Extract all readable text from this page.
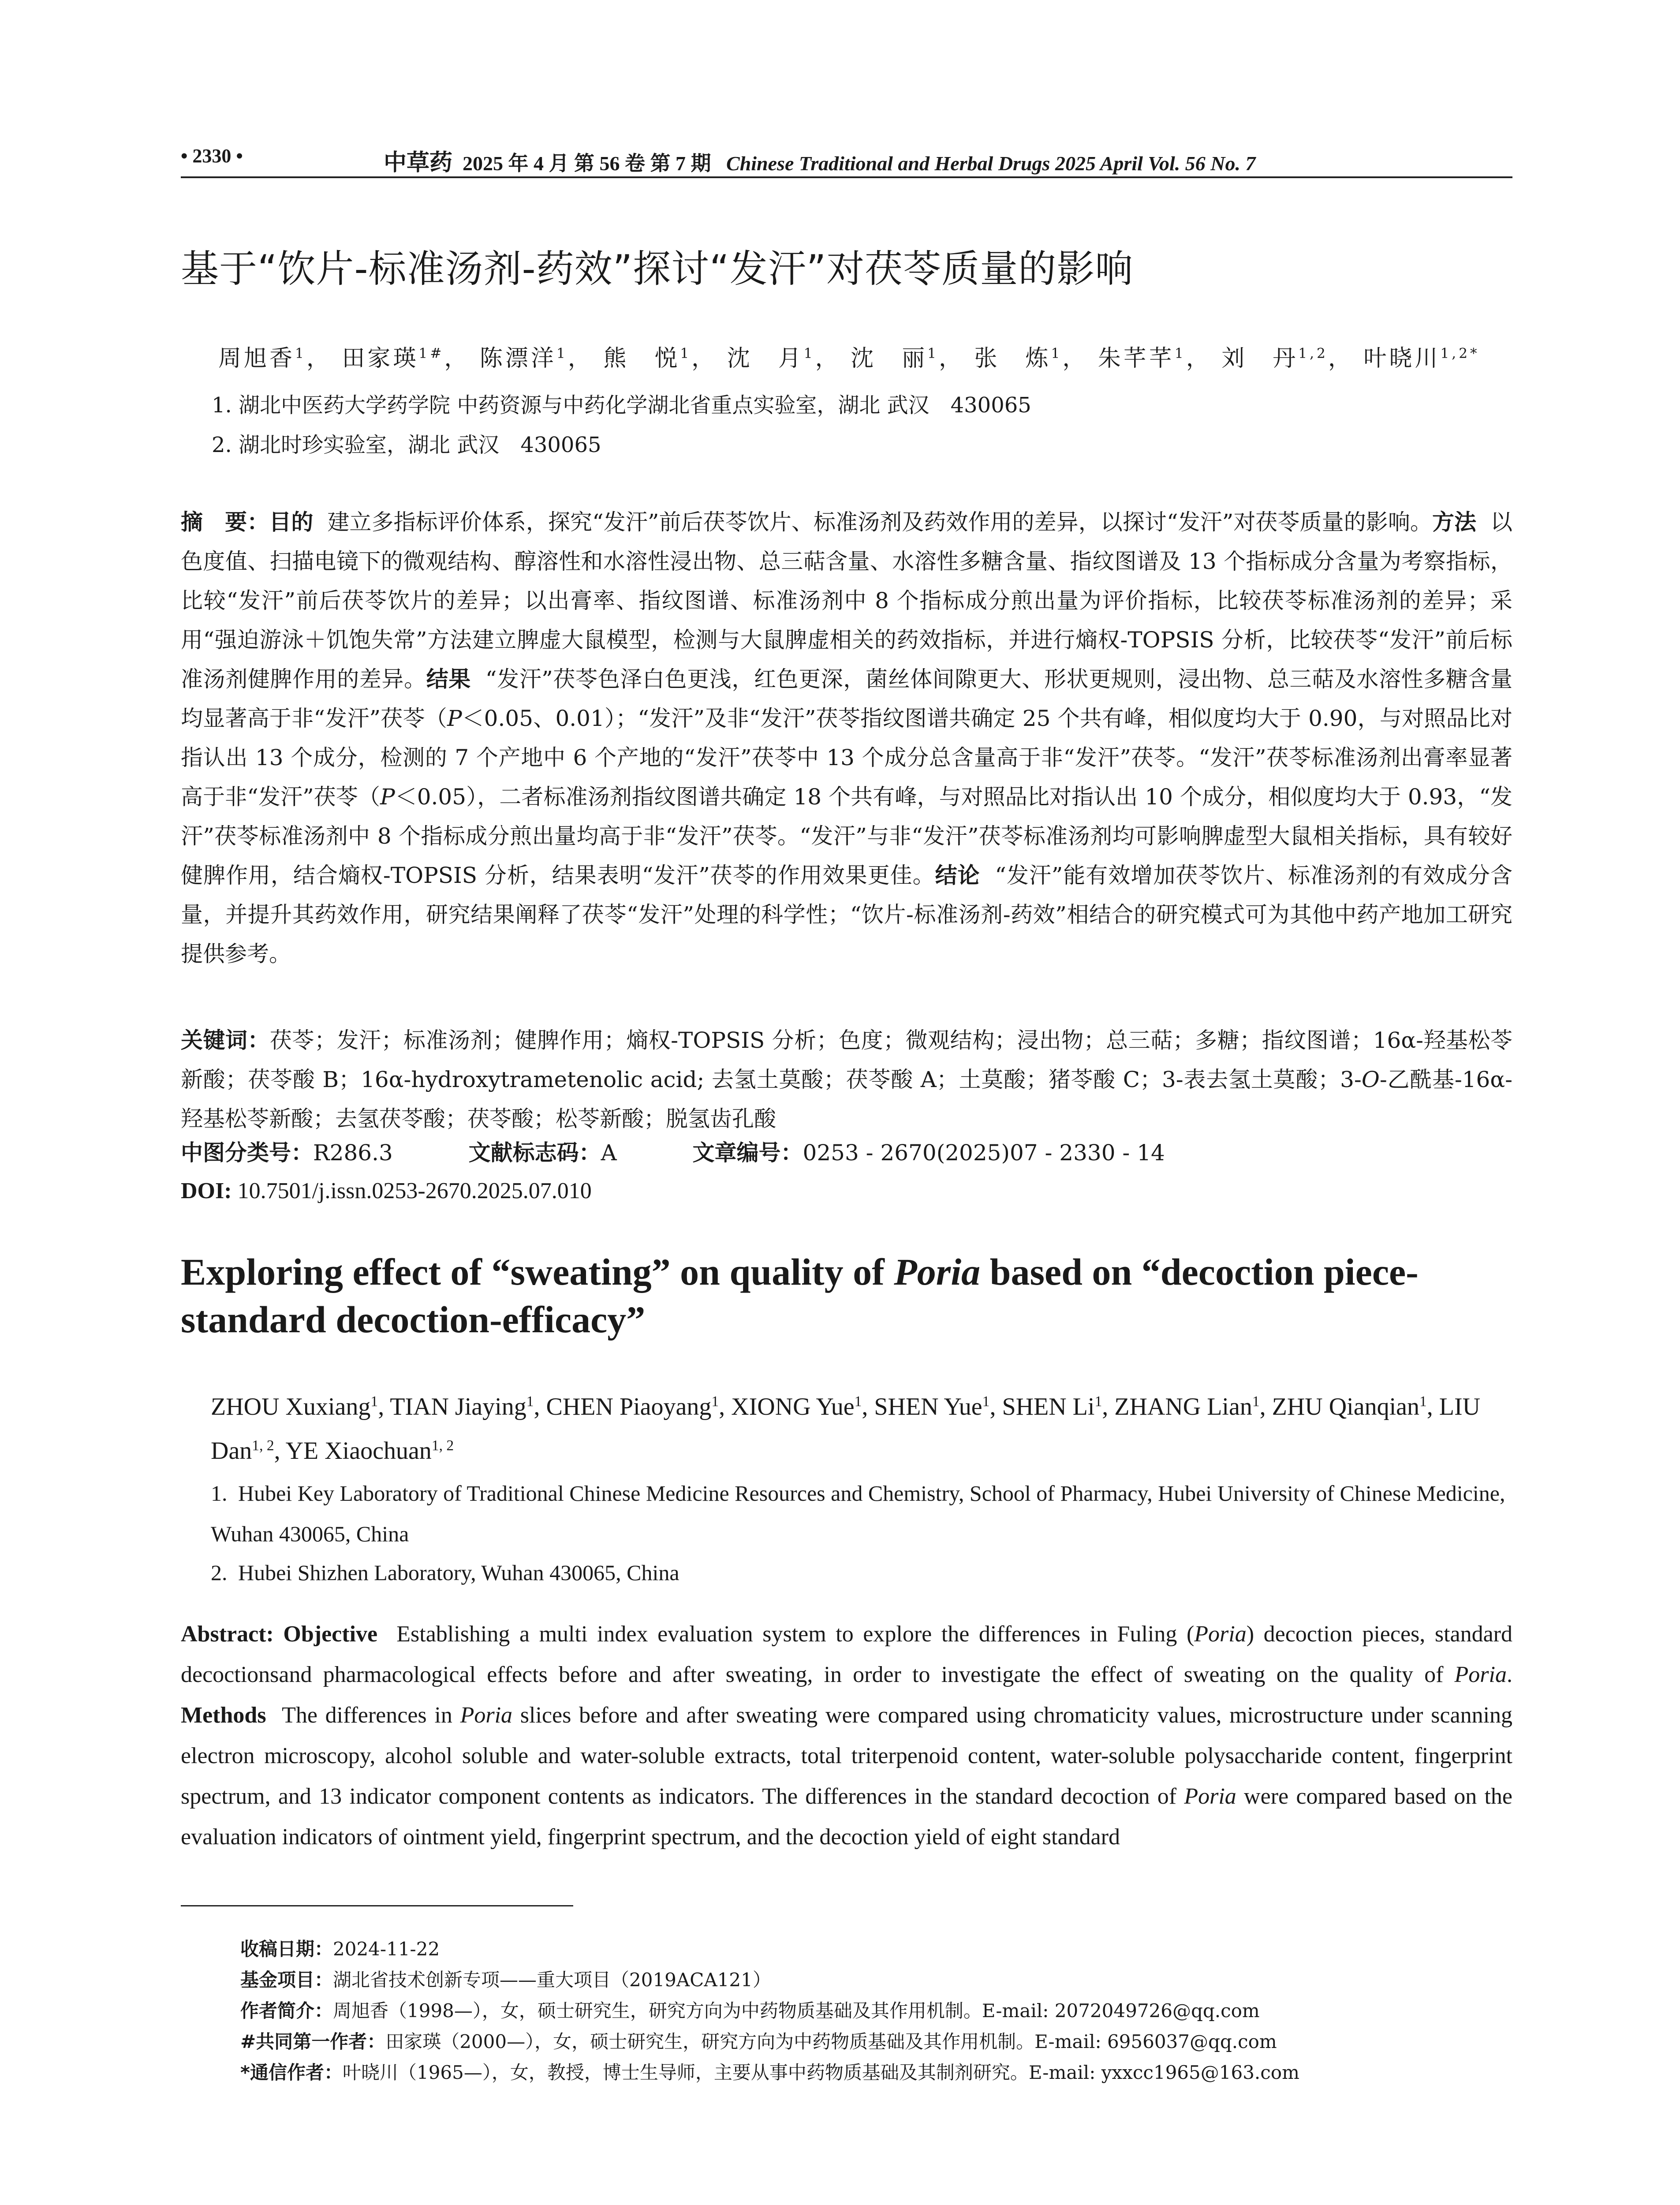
• 2330 •	中草药 2025 年 4 月 第 56 卷 第 7 期 Chinese Traditional and Herbal Drugs 2025 April Vol. 56 No. 7
基于“饮片-标准汤剂-药效”探讨“发汗”对茯苓质量的影响
周旭香$^1$， 田家瑛$^{1\#}$， 陈漂洋$^1$， 熊　悦$^1$， 沈　月$^1$， 沈　丽$^1$， 张　炼$^1$， 朱芊芊$^1$， 刘　丹$^{1,2}$， 叶晓川$^{1,2*}$
1. 湖北中医药大学药学院 中药资源与中药化学湖北省重点实验室，湖北 武汉　430065
2. 湖北时珍实验室，湖北 武汉　430065
摘　要：目的 建立多指标评价体系，探究“发汗”前后茯苓饮片、标准汤剂及药效作用的差异，以探讨“发汗”对茯苓质量的影响。方法 以色度值、扫描电镜下的微观结构、醇溶性和水溶性浸出物、总三萜含量、水溶性多糖含量、指纹图谱及 13 个指标成分含量为考察指标，比较“发汗”前后茯苓饮片的差异；以出膏率、指纹图谱、标准汤剂中 8 个指标成分煎出量为评价指标，比较茯苓标准汤剂的差异；采用“强迫游泳＋饥饱失常”方法建立脾虚大鼠模型，检测与大鼠脾虚相关的药效指标，并进行熵权-TOPSIS 分析，比较茯苓“发汗”前后标准汤剂健脾作用的差异。结果 “发汗”茯苓色泽白色更浅，红色更深，菌丝体间隙更大、形状更规则，浸出物、总三萜及水溶性多糖含量均显著高于非“发汗”茯苓（P＜0.05、0.01）；“发汗”及非“发汗”茯苓指纹图谱共确定 25 个共有峰，相似度均大于 0.90，与对照品比对指认出 13 个成分，检测的 7 个产地中 6 个产地的“发汗”茯苓中 13 个成分总含量高于非“发汗”茯苓。“发汗”茯苓标准汤剂出膏率显著高于非“发汗”茯苓（P＜0.05），二者标准汤剂指纹图谱共确定 18 个共有峰，与对照品比对指认出 10 个成分，相似度均大于 0.93，“发汗”茯苓标准汤剂中 8 个指标成分煎出量均高于非“发汗”茯苓。“发汗”与非“发汗”茯苓标准汤剂均可影响脾虚型大鼠相关指标，具有较好健脾作用，结合熵权-TOPSIS 分析，结果表明“发汗”茯苓的作用效果更佳。结论 “发汗”能有效增加茯苓饮片、标准汤剂的有效成分含量，并提升其药效作用，研究结果阐释了茯苓“发汗”处理的科学性；“饮片-标准汤剂-药效”相结合的研究模式可为其他中药产地加工研究提供参考。
关键词：茯苓；发汗；标准汤剂；健脾作用；熵权-TOPSIS 分析；色度；微观结构；浸出物；总三萜；多糖；指纹图谱；16α-羟基松苓新酸；茯苓酸 B；16α-hydroxytrametenolic acid; 去氢土莫酸；茯苓酸 A；土莫酸；猪苓酸 C；3-表去氢土莫酸；3-O-乙酰基-16α-羟基松苓新酸；去氢茯苓酸；茯苓酸；松苓新酸；脱氢齿孔酸
中图分类号：R286.3	文献标志码：A	文章编号：0253 - 2670(2025)07 - 2330 - 14
DOI: 10.7501/j.issn.0253-2670.2025.07.010
Exploring effect of “sweating” on quality of Poria based on “decoction piece-standard decoction-efficacy”
ZHOU Xuxiang$^1$, TIAN Jiaying$^1$, CHEN Piaoyang$^1$, XIONG Yue$^1$, SHEN Yue$^1$, SHEN Li$^1$, ZHANG Lian$^1$, ZHU Qianqian$^1$, LIU Dan$^{1, 2}$, YE Xiaochuan$^{1, 2}$
1. Hubei Key Laboratory of Traditional Chinese Medicine Resources and Chemistry, School of Pharmacy, Hubei University of Chinese Medicine, Wuhan 430065, China
2. Hubei Shizhen Laboratory, Wuhan 430065, China
Abstract: Objective Establishing a multi index evaluation system to explore the differences in Fuling (Poria) decoction pieces, standard decoctionsand pharmacological effects before and after sweating, in order to investigate the effect of sweating on the quality of Poria. Methods The differences in Poria slices before and after sweating were compared using chromaticity values, microstructure under scanning electron microscopy, alcohol soluble and water-soluble extracts, total triterpenoid content, water-soluble polysaccharide content, fingerprint spectrum, and 13 indicator component contents as indicators. The differences in the standard decoction of Poria were compared based on the evaluation indicators of ointment yield, fingerprint spectrum, and the decoction yield of eight standard
收稿日期：2024-11-22
基金项目：湖北省技术创新专项——重大项目（2019ACA121）
作者简介：周旭香（1998—），女，硕士研究生，研究方向为中药物质基础及其作用机制。E-mail: 2072049726@qq.com
#共同第一作者：田家瑛（2000—），女，硕士研究生，研究方向为中药物质基础及其作用机制。E-mail: 6956037@qq.com
*通信作者：叶晓川（1965—），女，教授，博士生导师，主要从事中药物质基础及其制剂研究。E-mail: yxxcc1965@163.com
